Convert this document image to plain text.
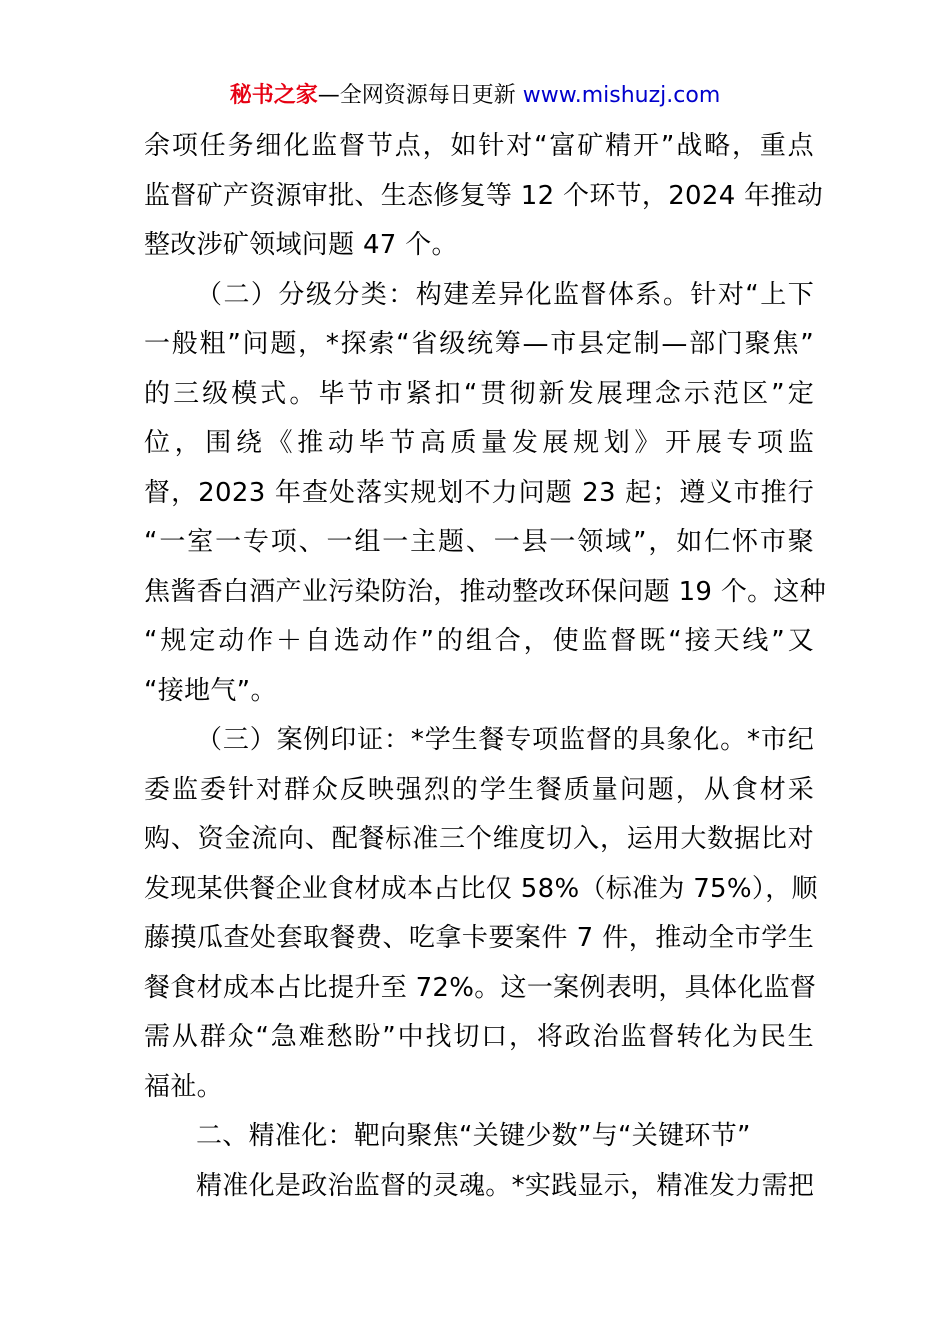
秘书之家—全网资源每日更新 www.mishuzj.com
余项任务细化监督节点，如针对“富矿精开”战略，重点
监督矿产资源审批、生态修复等 12 个环节，2024 年推动
整改涉矿领域问题 47 个。
（二）分级分类：构建差异化监督体系。针对“上下
一般粗”问题，*探索“省级统筹—市县定制—部门聚焦”
的三级模式。毕节市紧扣“贯彻新发展理念示范区”定
位，围绕《推动毕节高质量发展规划》开展专项监
督，2023 年查处落实规划不力问题 23 起；遵义市推行
“一室一专项、一组一主题、一县一领域”，如仁怀市聚
焦酱香白酒产业污染防治，推动整改环保问题 19 个。这种
“规定动作＋自选动作”的组合，使监督既“接天线”又
“接地气”。
（三）案例印证：*学生餐专项监督的具象化。*市纪
委监委针对群众反映强烈的学生餐质量问题，从食材采
购、资金流向、配餐标准三个维度切入，运用大数据比对
发现某供餐企业食材成本占比仅 58%（标准为 75%），顺
藤摸瓜查处套取餐费、吃拿卡要案件 7 件，推动全市学生
餐食材成本占比提升至 72%。这一案例表明，具体化监督
需从群众“急难愁盼”中找切口，将政治监督转化为民生
福祉。
二、精准化：靶向聚焦“关键少数”与“关键环节”
精准化是政治监督的灵魂。*实践显示，精准发力需把
